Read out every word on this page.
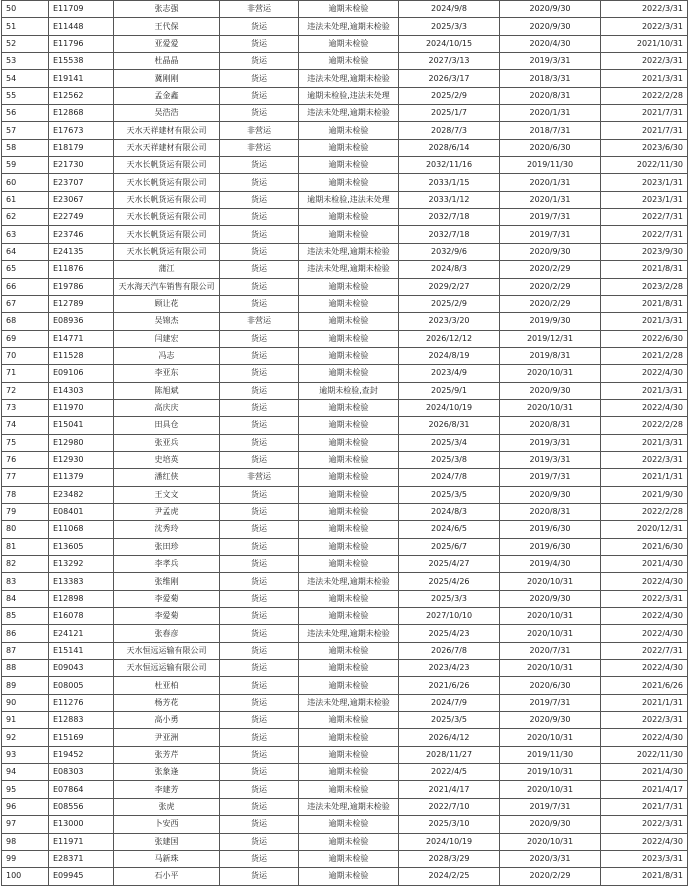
50	E11709	张志强	非营运	逾期未检验	2024/9/8	2020/9/30	2022/3/31
51	E11448	王代保	货运	违法未处理,逾期未检验	2025/3/3	2020/9/30	2022/3/31
52	E11796	亚爱爱	货运	逾期未检验	2024/10/15	2020/4/30	2021/10/31
53	E15538	杜晶晶	货运	逾期未检验	2027/3/13	2019/3/31	2022/3/31
54	E19141	冀刚刚	货运	违法未处理,逾期未检验	2026/3/17	2018/3/31	2021/3/31
55	E12562	孟金鑫	货运	逾期未检验,违法未处理	2025/2/9	2020/8/31	2022/2/28
56	E12868	吴浩浩	货运	违法未处理,逾期未检验	2025/1/7	2020/1/31	2021/7/31
57	E17673	天水天祥建材有限公司	非营运	逾期未检验	2028/7/3	2018/7/31	2021/7/31
58	E18179	天水天祥建材有限公司	非营运	逾期未检验	2028/6/14	2020/6/30	2023/6/30
59	E21730	天水长帆货运有限公司	货运	逾期未检验	2032/11/16	2019/11/30	2022/11/30
60	E23707	天水长帆货运有限公司	货运	逾期未检验	2033/1/15	2020/1/31	2023/1/31
61	E23067	天水长帆货运有限公司	货运	逾期未检验,违法未处理	2033/1/12	2020/1/31	2023/1/31
62	E22749	天水长帆货运有限公司	货运	逾期未检验	2032/7/18	2019/7/31	2022/7/31
63	E23746	天水长帆货运有限公司	货运	逾期未检验	2032/7/18	2019/7/31	2022/7/31
64	E24135	天水长帆货运有限公司	货运	违法未处理,逾期未检验	2032/9/6	2020/9/30	2023/9/30
65	E11876	蒲江	货运	违法未处理,逾期未检验	2024/8/3	2020/2/29	2021/8/31
66	E19786	天水海天汽车销售有限公司	货运	逾期未检验	2029/2/27	2020/2/29	2023/2/28
67	E12789	顾让花	货运	逾期未检验	2025/2/9	2020/2/29	2021/8/31
68	E08936	吴锦杰	非营运	逾期未检验	2023/3/20	2019/9/30	2021/3/31
69	E14771	闫建宏	货运	逾期未检验	2026/12/12	2019/12/31	2022/6/30
70	E11528	冯志	货运	逾期未检验	2024/8/19	2019/8/31	2021/2/28
71	E09106	李亚东	货运	逾期未检验	2023/4/9	2020/10/31	2022/4/30
72	E14303	陈旭斌	货运	逾期未检验,查封	2025/9/1	2020/9/30	2021/3/31
73	E11970	高庆庆	货运	逾期未检验	2024/10/19	2020/10/31	2022/4/30
74	E15041	田具仓	货运	逾期未检验	2026/8/31	2020/8/31	2022/2/28
75	E12980	张亚兵	货运	逾期未检验	2025/3/4	2019/3/31	2021/3/31
76	E12930	史培英	货运	逾期未检验	2025/3/8	2019/3/31	2022/3/31
77	E11379	潘红侠	非营运	逾期未检验	2024/7/8	2019/7/31	2021/1/31
78	E23482	王文文	货运	逾期未检验	2025/3/5	2020/9/30	2021/9/30
79	E08401	尹孟虎	货运	逾期未检验	2024/8/3	2020/8/31	2022/2/28
80	E11068	沈秀玲	货运	逾期未检验	2024/6/5	2019/6/30	2020/12/31
81	E13605	张田珍	货运	逾期未检验	2025/6/7	2019/6/30	2021/6/30
82	E13292	李孝兵	货运	逾期未检验	2025/4/27	2019/4/30	2021/4/30
83	E13383	张维刚	货运	违法未处理,逾期未检验	2025/4/26	2020/10/31	2022/4/30
84	E12898	李爱菊	货运	逾期未检验	2025/3/3	2020/9/30	2022/3/31
85	E16078	李爱菊	货运	逾期未检验	2027/10/10	2020/10/31	2022/4/30
86	E24121	张春彦	货运	违法未处理,逾期未检验	2025/4/23	2020/10/31	2022/4/30
87	E15141	天水恒远运输有限公司	货运	逾期未检验	2026/7/8	2020/7/31	2022/7/31
88	E09043	天水恒远运输有限公司	货运	逾期未检验	2023/4/23	2020/10/31	2022/4/30
89	E08005	杜亚柏	货运	逾期未检验	2021/6/26	2020/6/30	2021/6/26
90	E11276	杨芳花	货运	违法未处理,逾期未检验	2024/7/9	2019/7/31	2021/1/31
91	E12883	高小勇	货运	逾期未检验	2025/3/5	2020/9/30	2022/3/31
92	E15169	尹亚洲	货运	逾期未检验	2026/4/12	2020/10/31	2022/4/30
93	E19452	张芳芹	货运	逾期未检验	2028/11/27	2019/11/30	2022/11/30
94	E08303	张象逢	货运	逾期未检验	2022/4/5	2019/10/31	2021/4/30
95	E07864	李建芳	货运	逾期未检验	2021/4/17	2020/10/31	2021/4/17
96	E08556	张虎	货运	违法未处理,逾期未检验	2022/7/10	2019/7/31	2021/7/31
97	E13000	卜安西	货运	逾期未检验	2025/3/10	2020/9/30	2022/3/31
98	E11971	张建国	货运	逾期未检验	2024/10/19	2020/10/31	2022/4/30
99	E28371	马新珠	货运	逾期未检验	2028/3/29	2020/3/31	2023/3/31
100	E09945	石小平	货运	逾期未检验	2024/2/25	2020/2/29	2021/8/31
